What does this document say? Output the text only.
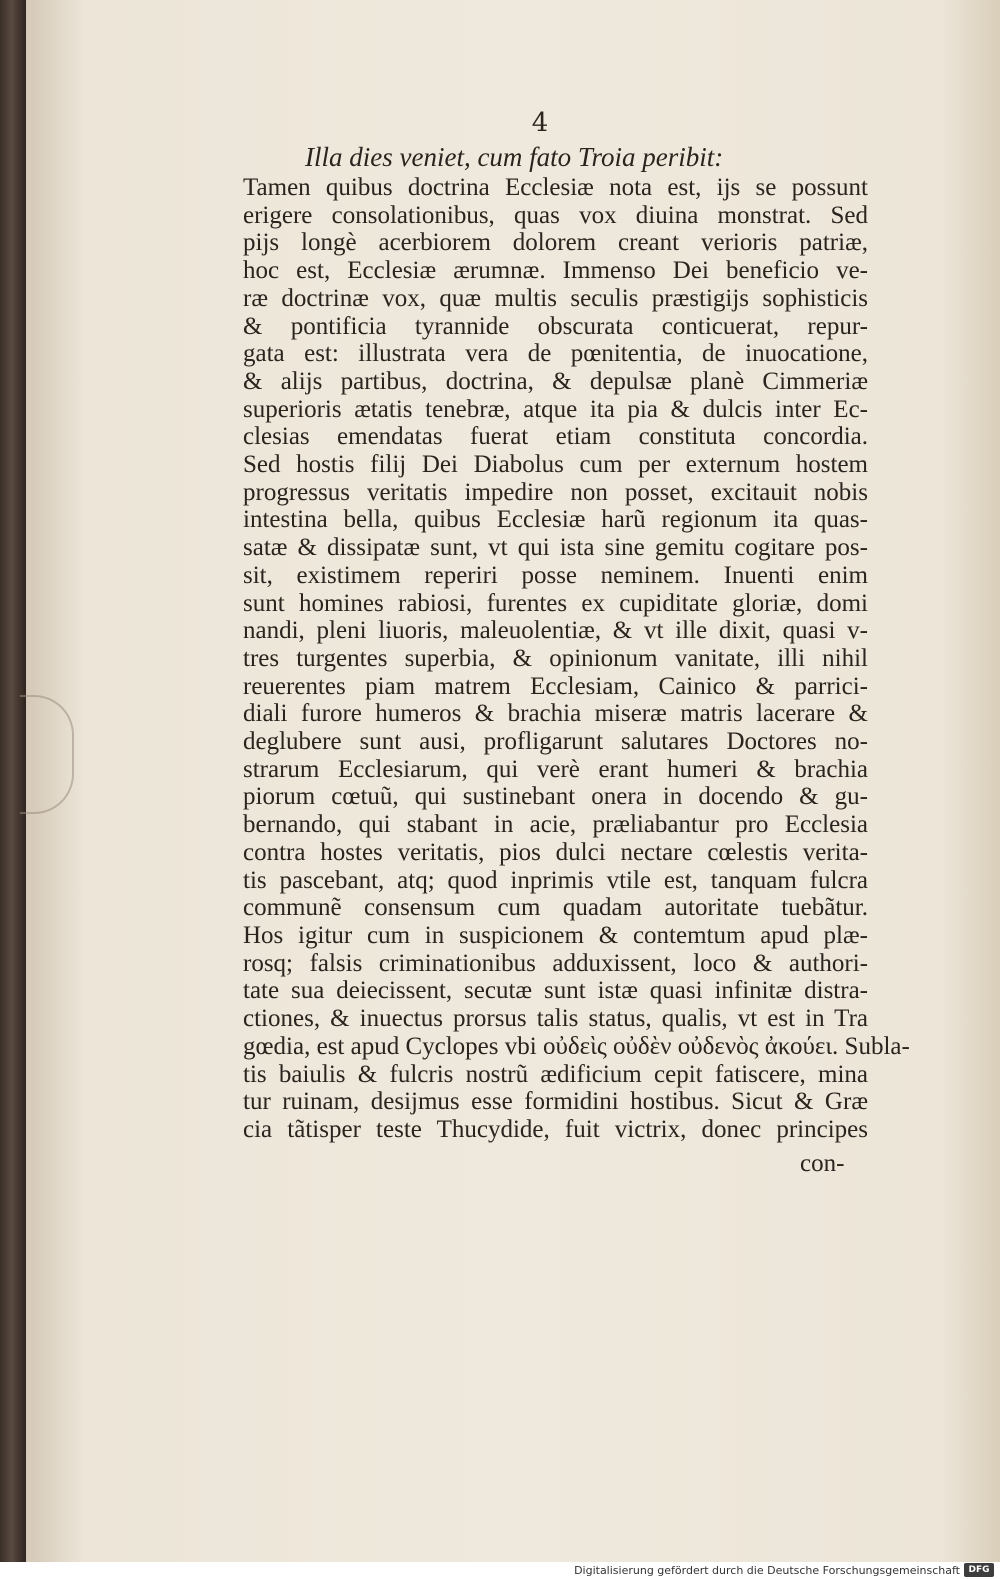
4
Illa dies veniet, cum fato Troia peribit:
Tamen quibus doctrina Ecclesiæ nota est, ijs se possunt
erigere consolationibus, quas vox diuina monstrat. Sed
pijs longè acerbiorem dolorem creant verioris patriæ,
hoc est, Ecclesiæ ærumnæ. Immenso Dei beneficio ve-
ræ doctrinæ vox, quæ multis seculis præstigijs sophisticis
& pontificia tyrannide obscurata conticuerat, repur-
gata est: illustrata vera de pœnitentia, de inuocatione,
& alijs partibus, doctrina, & depulsæ planè Cimmeriæ
superioris ætatis tenebræ, atque ita pia & dulcis inter Ec-
clesias emendatas fuerat etiam constituta concordia.
Sed hostis filij Dei Diabolus cum per externum hostem
progressus veritatis impedire non posset, excitauit nobis
intestina bella, quibus Ecclesiæ harũ regionum ita quas-
satæ & dissipatæ sunt, vt qui ista sine gemitu cogitare pos-
sit, existimem reperiri posse neminem. Inuenti enim
sunt homines rabiosi, furentes ex cupiditate gloriæ, domi
nandi, pleni liuoris, maleuolentiæ, & vt ille dixit, quasi v-
tres turgentes superbia, & opinionum vanitate, illi nihil
reuerentes piam matrem Ecclesiam, Cainico & parrici-
diali furore humeros & brachia miseræ matris lacerare &
deglubere sunt ausi, profligarunt salutares Doctores no-
strarum Ecclesiarum, qui verè erant humeri & brachia
piorum cœtuũ, qui sustinebant onera in docendo & gu-
bernando, qui stabant in acie, præliabantur pro Ecclesia
contra hostes veritatis, pios dulci nectare cœlestis verita-
tis pascebant, atq; quod inprimis vtile est, tanquam fulcra
communẽ consensum cum quadam autoritate tuebãtur.
Hos igitur cum in suspicionem & contemtum apud plæ-
rosq; falsis criminationibus adduxissent, loco & authori-
tate sua deiecissent, secutæ sunt istæ quasi infinitæ distra-
ctiones, & inuectus prorsus talis status, qualis, vt est in Tra
gœdia, est apud Cyclopes vbi οὐδεὶς οὐδὲν οὐδενὸς ἀκούει. Subla-
tis baiulis & fulcris nostrũ ædificium cepit fatiscere, mina
tur ruinam, desijmus esse formidini hostibus. Sicut & Græ
cia tãtisper teste Thucydide, fuit victrix, donec principes
con-
Digitalisierung gefördert durch die Deutsche Forschungsgemeinschaft DFG
